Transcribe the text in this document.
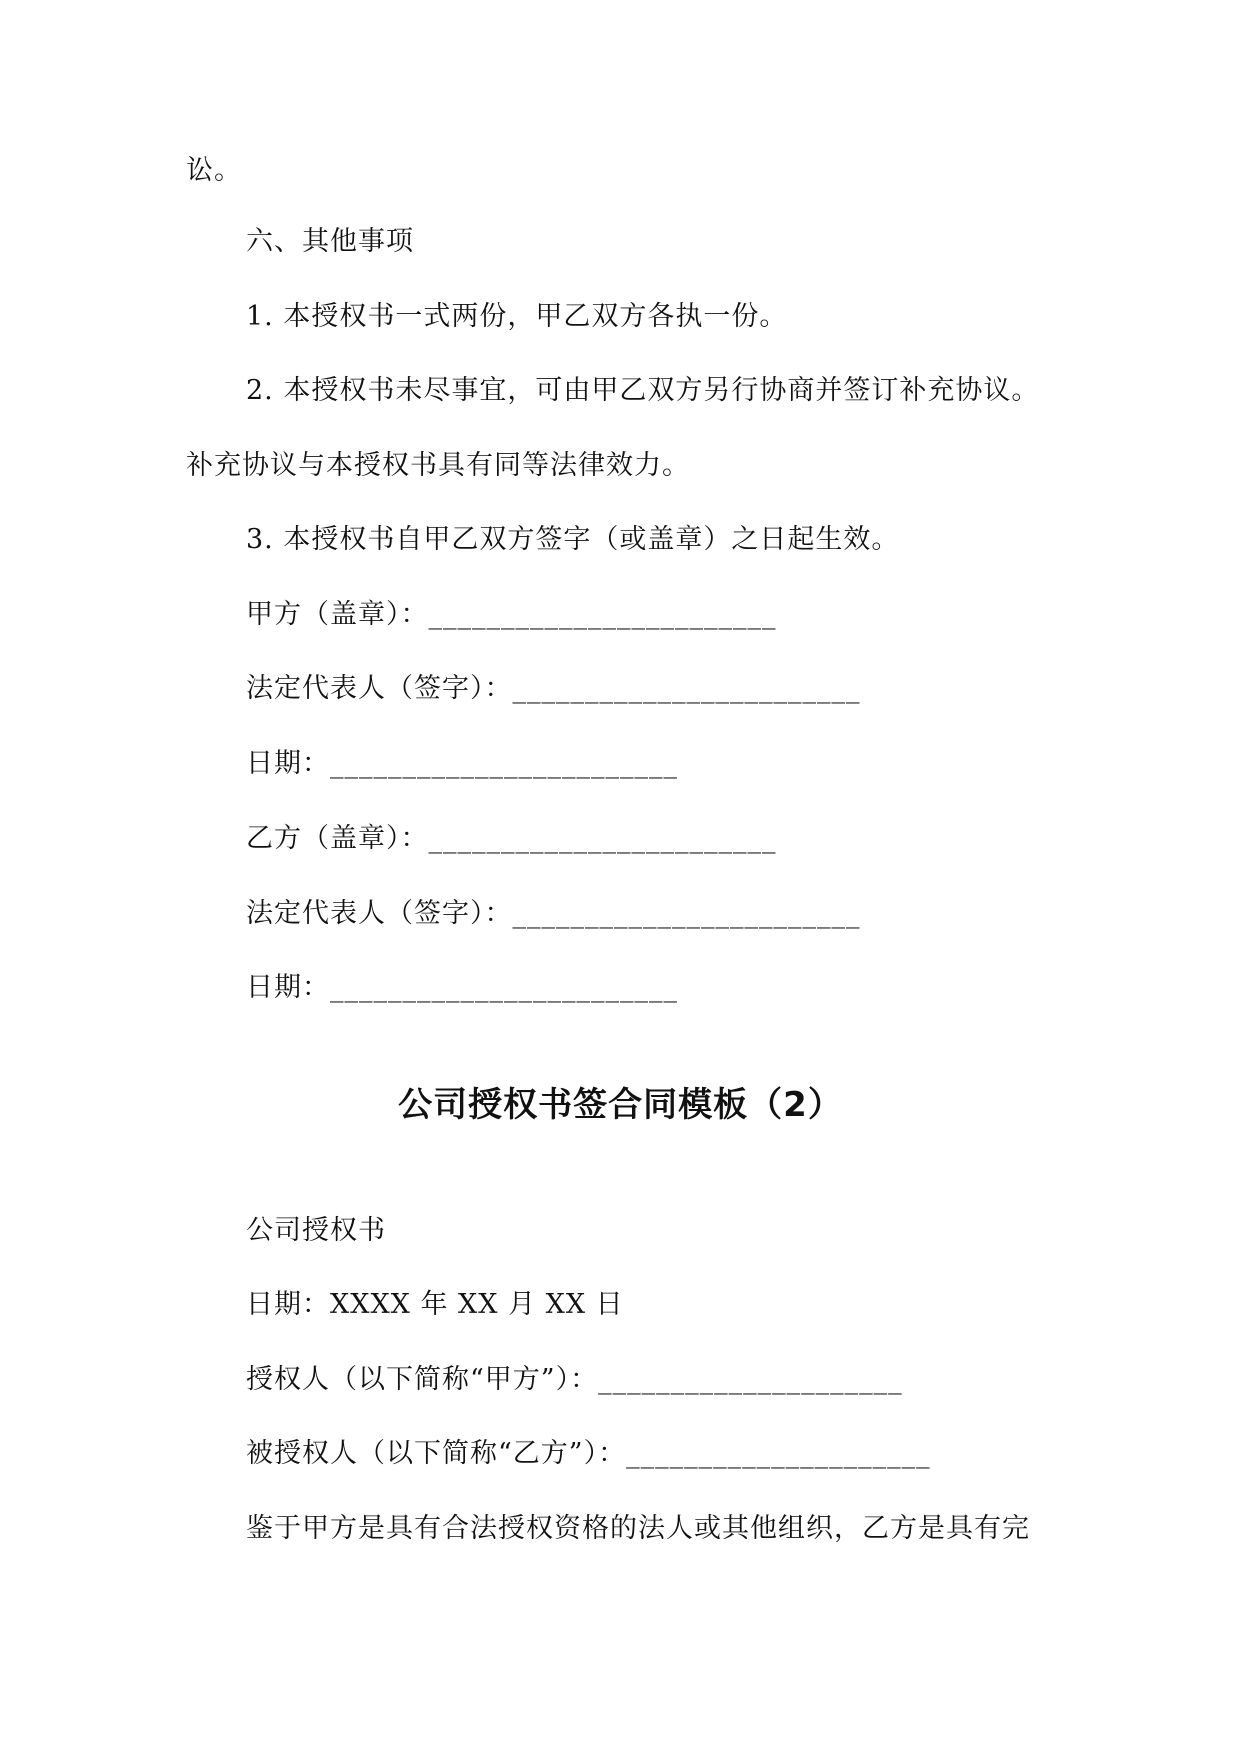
讼。
六、其他事项
1. 本授权书一式两份，甲乙双方各执一份。
2. 本授权书未尽事宜，可由甲乙双方另行协商并签订补充协议。
补充协议与本授权书具有同等法律效力。
3. 本授权书自甲乙双方签字（或盖章）之日起生效。
甲方（盖章）：________________________
法定代表人（签字）：________________________
日期：________________________
乙方（盖章）：________________________
法定代表人（签字）：________________________
日期：________________________
公司授权书签合同模板（2）
公司授权书
日期：XXXX 年 XX 月 XX 日
授权人（以下简称“甲方”）：_____________________
被授权人（以下简称“乙方”）：_____________________
鉴于甲方是具有合法授权资格的法人或其他组织，乙方是具有完
